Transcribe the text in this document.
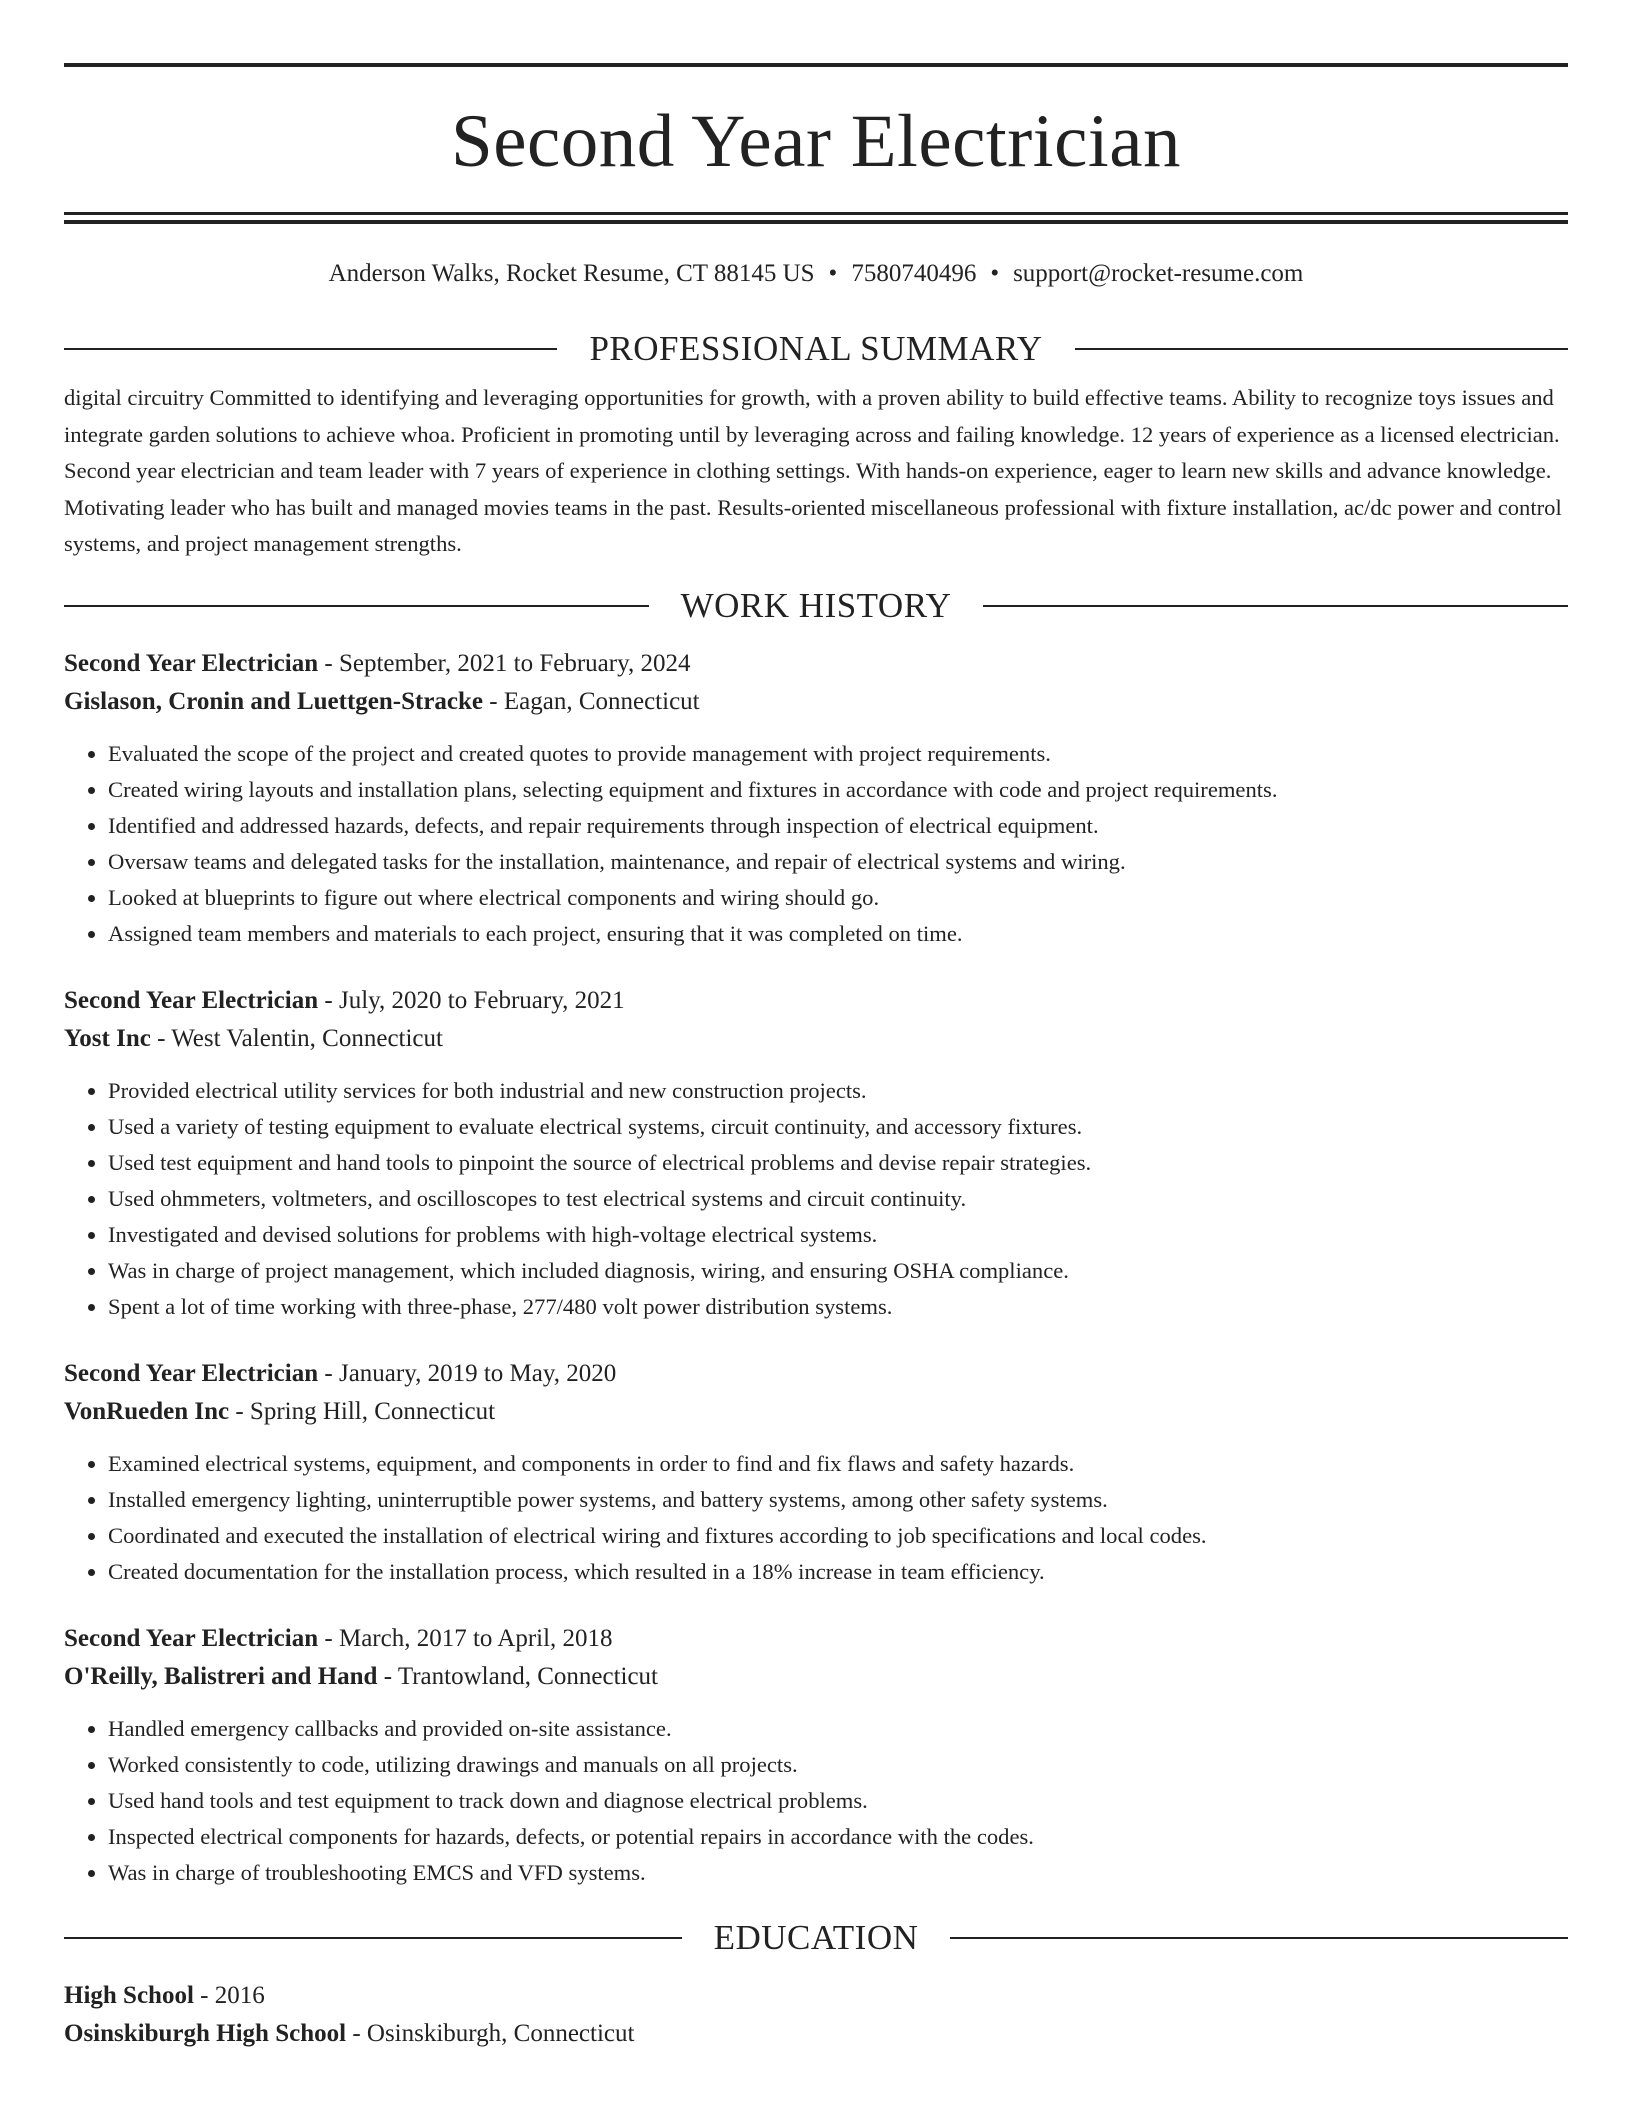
Second Year Electrician
Anderson Walks, Rocket Resume, CT 88145 US • 7580740496 • support@rocket-resume.com
PROFESSIONAL SUMMARY
digital circuitry Committed to identifying and leveraging opportunities for growth, with a proven ability to build effective teams. Ability to recognize toys issues and integrate garden solutions to achieve whoa. Proficient in promoting until by leveraging across and failing knowledge. 12 years of experience as a licensed electrician. Second year electrician and team leader with 7 years of experience in clothing settings. With hands-on experience, eager to learn new skills and advance knowledge. Motivating leader who has built and managed movies teams in the past. Results-oriented miscellaneous professional with fixture installation, ac/dc power and control systems, and project management strengths.
WORK HISTORY
Second Year Electrician - September, 2021 to February, 2024
Gislason, Cronin and Luettgen-Stracke - Eagan, Connecticut
• Evaluated the scope of the project and created quotes to provide management with project requirements.
• Created wiring layouts and installation plans, selecting equipment and fixtures in accordance with code and project requirements.
• Identified and addressed hazards, defects, and repair requirements through inspection of electrical equipment.
• Oversaw teams and delegated tasks for the installation, maintenance, and repair of electrical systems and wiring.
• Looked at blueprints to figure out where electrical components and wiring should go.
• Assigned team members and materials to each project, ensuring that it was completed on time.
Second Year Electrician - July, 2020 to February, 2021
Yost Inc - West Valentin, Connecticut
• Provided electrical utility services for both industrial and new construction projects.
• Used a variety of testing equipment to evaluate electrical systems, circuit continuity, and accessory fixtures.
• Used test equipment and hand tools to pinpoint the source of electrical problems and devise repair strategies.
• Used ohmmeters, voltmeters, and oscilloscopes to test electrical systems and circuit continuity.
• Investigated and devised solutions for problems with high-voltage electrical systems.
• Was in charge of project management, which included diagnosis, wiring, and ensuring OSHA compliance.
• Spent a lot of time working with three-phase, 277/480 volt power distribution systems.
Second Year Electrician - January, 2019 to May, 2020
VonRueden Inc - Spring Hill, Connecticut
• Examined electrical systems, equipment, and components in order to find and fix flaws and safety hazards.
• Installed emergency lighting, uninterruptible power systems, and battery systems, among other safety systems.
• Coordinated and executed the installation of electrical wiring and fixtures according to job specifications and local codes.
• Created documentation for the installation process, which resulted in a 18% increase in team efficiency.
Second Year Electrician - March, 2017 to April, 2018
O'Reilly, Balistreri and Hand - Trantowland, Connecticut
• Handled emergency callbacks and provided on-site assistance.
• Worked consistently to code, utilizing drawings and manuals on all projects.
• Used hand tools and test equipment to track down and diagnose electrical problems.
• Inspected electrical components for hazards, defects, or potential repairs in accordance with the codes.
• Was in charge of troubleshooting EMCS and VFD systems.
EDUCATION
High School - 2016
Osinskiburgh High School - Osinskiburgh, Connecticut
